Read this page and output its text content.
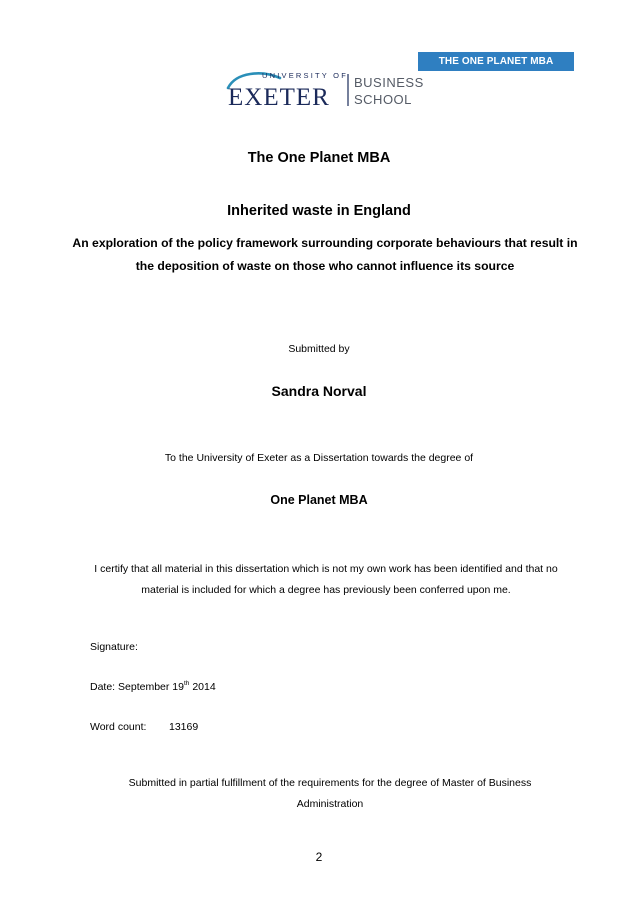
THE ONE PLANET MBA
UNIVERSITY OF
EXETER
BUSINESS
SCHOOL
The One Planet MBA
Inherited waste in England
An exploration of the policy framework surrounding corporate behaviours that result in the deposition of waste on those who cannot influence its source
Submitted by
Sandra Norval
To the University of Exeter as a Dissertation towards the degree of
One Planet MBA
I certify that all material in this dissertation which is not my own work has been identified and that no material is included for which a degree has previously been conferred upon me.
Signature:
Date: September 19th 2014
Word count: 13169
Submitted in partial fulfillment of the requirements for the degree of Master of Business Administration
2
